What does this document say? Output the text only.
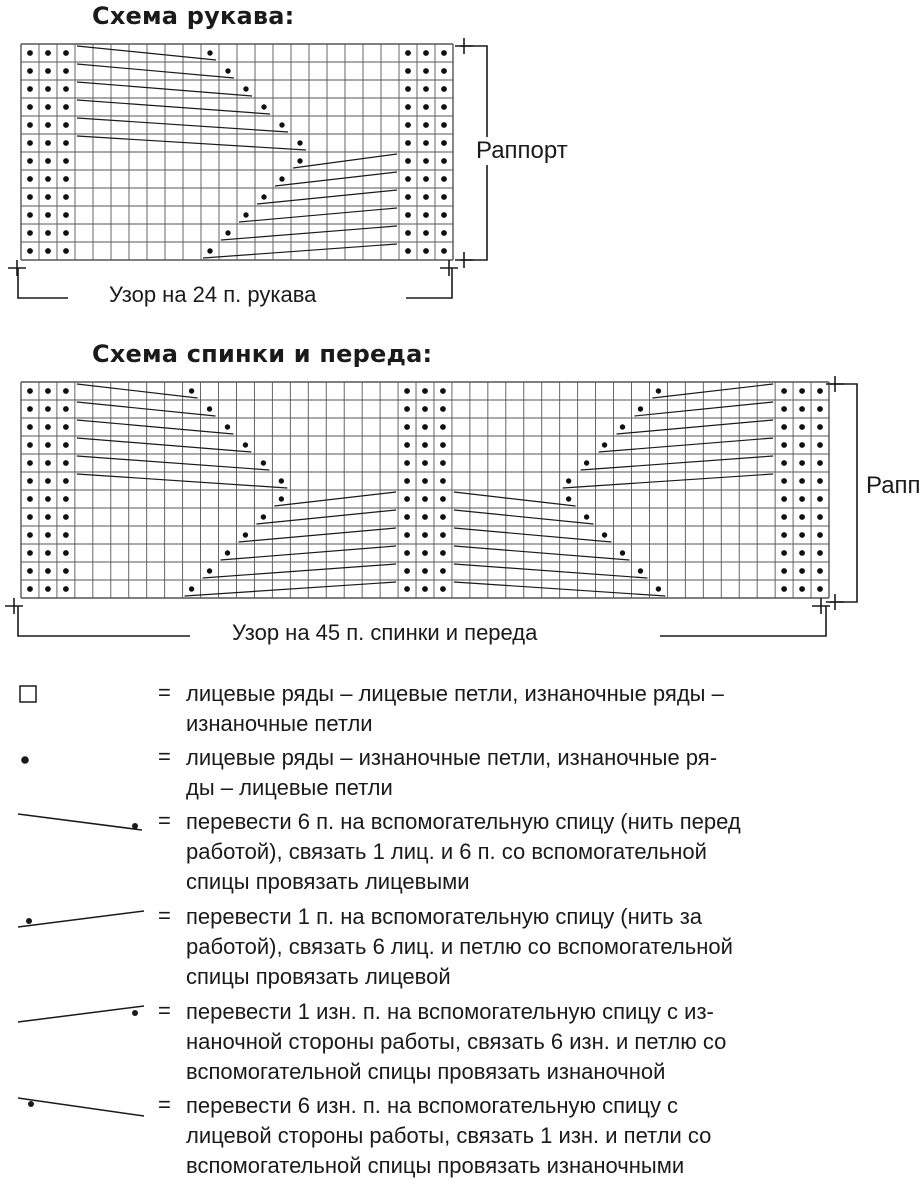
Схема рукава:
Схема спинки и переда:
Узор на 24 п. рукава
Узор на 45 п. спинки и переда
Раппорт
Рапп
= лицевые ряды – лицевые петли, изнаночные ряды –
изнаночные петли
= лицевые ряды – изнаночные петли, изнаночные ря-
ды – лицевые петли
= перевести 6 п. на вспомогательную спицу (нить перед
работой), связать 1 лиц. и 6 п. со вспомогательной
спицы провязать лицевыми
= перевести 1 п. на вспомогательную спицу (нить за
работой), связать 6 лиц. и петлю со вспомогательной
спицы провязать лицевой
= перевести 1 изн. п. на вспомогательную спицу с из-
наночной стороны работы, связать 6 изн. и петлю со
вспомогательной спицы провязать изнаночной
= перевести 6 изн. п. на вспомогательную спицу с
лицевой стороны работы, связать 1 изн. и петли со
вспомогательной спицы провязать изнаночными
